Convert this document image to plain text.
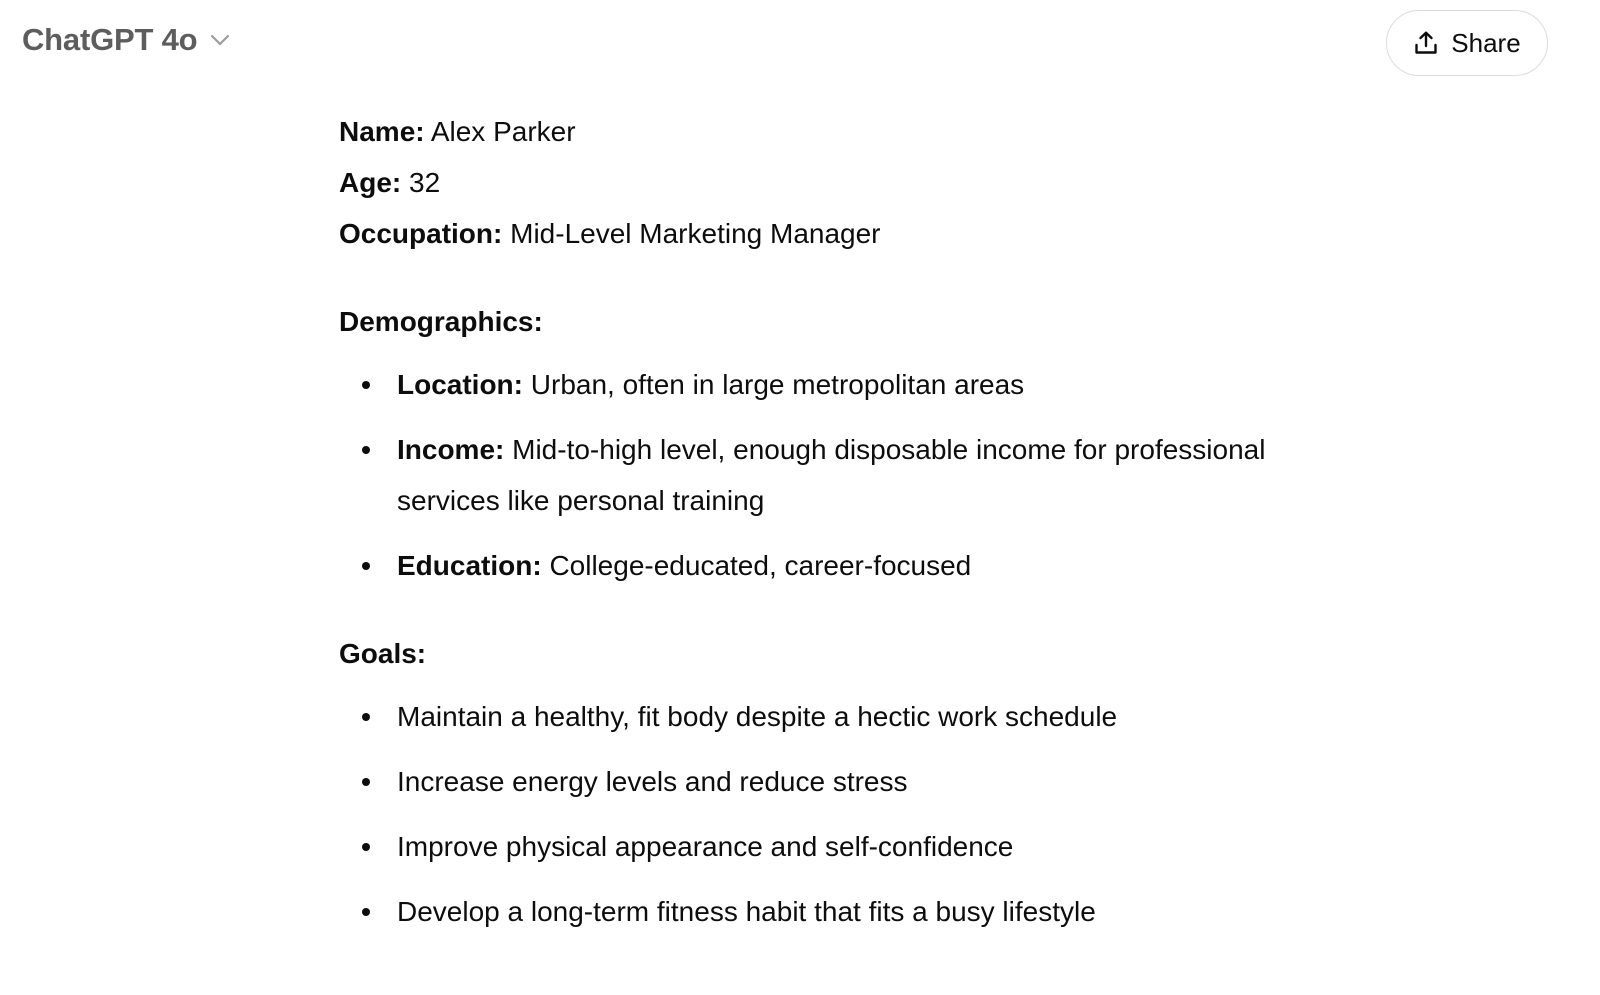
ChatGPT 4o	Share
Name: Alex Parker
Age: 32
Occupation: Mid-Level Marketing Manager
Demographics:
Location: Urban, often in large metropolitan areas
Income: Mid-to-high level, enough disposable income for professional services like personal training
Education: College-educated, career-focused
Goals:
Maintain a healthy, fit body despite a hectic work schedule
Increase energy levels and reduce stress
Improve physical appearance and self-confidence
Develop a long-term fitness habit that fits a busy lifestyle
